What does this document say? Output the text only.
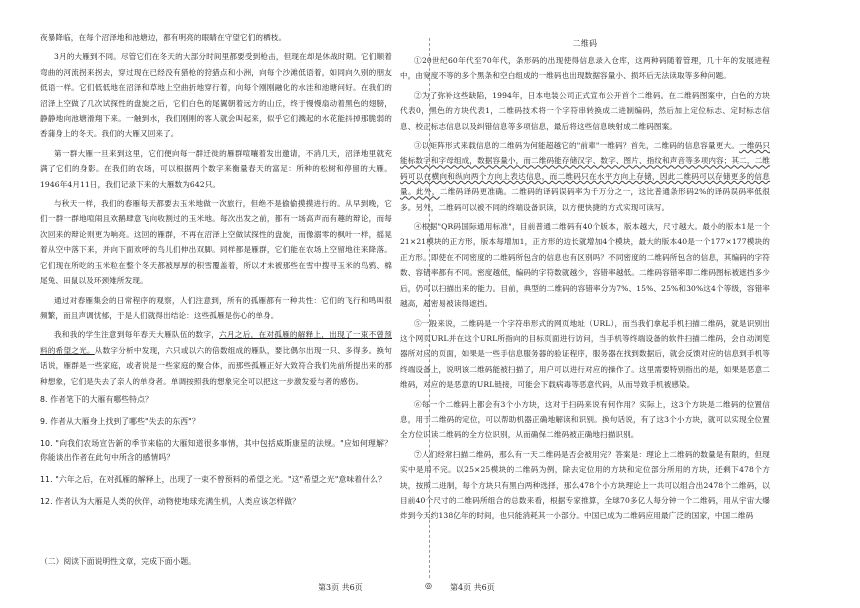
夜暴降临，在每个沼泽地和池塘边，都有明亮的眼睛在守望它们的栖枝。

3月的大雁到不同。尽管它们在冬天的大部分时间里都要受到枪击，但现在却是休战时期。它们顺着弯曲的河流拐来拐去，穿过现在已经没有猎枪的狩猎点和小洲，向每个沙滩低语着，如同向久别的朋友低语一样。它们低低地在沼泽和草地上空曲折地穿行着，向每个刚刚融化的水洼和池塘问好。在我们的沼泽上空做了几次试探性的盘旋之后，它们白色的尾翼朝着远方的山丘，终于慢慢扇动着黑色的翅膀，静静地向池塘滑翔下来。一触到水，我们刚刚的客人就会叫起来，似乎它们溅起的水花能抖掉那脆弱的香蒲身上的冬天。我们的大雁又回来了。

第一群大雁一旦来到这里，它们便向每一群迁徙的雁群喧嚷着发出邀请，不消几天，沼泽地里就充满了它们的身影。在我们的农场，可以根据两个数字来衡量春天的富足：所种的松树和停留的大雁。1946年4月11日，我们记录下来的大雁数为642只。

与秋天一样，我们的春雁每天都要去玉米地做一次旅行，但绝不是偷偷摸摸进行的。从早到晚，它们一群一群地喧闹且欢鹅肆意飞向收割过的玉米地。每次出发之前，都有一场高声而有趣的辩论，而每次回来的辩论则更为响亮。这回的雁群，不再在沼泽上空做试探性的盘旋，而像溺零的枫叶一样，摇晃着从空中落下来，并向下面欢呼的鸟儿们伸出双脚。同样都是雁群，它们能在农场上空留地往来降落。它们现在所吃的玉米粒在整个冬天都被厚厚的积雪覆盖着，所以才未被那些在雪中搜寻玉米的鸟鸦、棉尾兔、田鼠以及环颈雉所发现。

通过对春雁集会的日常程序的观察，人们注意到，所有的孤雁都有一种共性：它们的飞行和鸣叫很频繁，而且声调忧郁，于是人们就得出结论：这些孤雁是伤心的单身。

我和我的学生注意到每年春天大雁队伍的数字，六月之后，在对孤雁的解释上，出现了一束不曾预料的希望之光。从数字分析中发现，六只或以六的倍数组成的雁队，要比偶尔出现一只、多得多。换句话说，雁群是一些家庭，或者说是一些家庭的聚合体，而那些孤雁正好大致符合我们先前所提出来的那种想象，它们是失去了亲人的单身者。单调按照我的想象完全可以把这一步激发爱与者的感伤。

8. 作者笔下的大雁有哪些特点？

9. 作者从大雁身上找到了哪些"失去的东西"？

10. "向我们农场宣告新的季节来临的大雁知道很多事情，其中包括威斯康星的法规。"应如何理解？你能谈出作者在此句中所含的感情吗？

11. "六年之后，在对孤雁的解释上，出现了一束不曾预料的希望之光。"这"希望之光"意味着什么？

12. 作者认为大雁是人类的伙伴，动物使地球充满生机，人类应该怎样做？

（二）阅读下面说明性文章，完成下面小题。
二维码

①20世纪60年代至70年代，条形码的出现使得信息录入仓库，这两种码随着管理，几十年的发展进程中，由宽度不等的多个黑条和空白组成的一维码也出现数据容量小、损坏后无法读取等多种问题。

②为了弥补这些缺陷，1994年，日本电装公司正式宣布公开首个二维码。在二维码图案中，白色的方块代表0，黑色的方块代表1，二维码技术将一个字符串转换成二进制编码，然后加上定位标志、定时标志信息、校正标志信息以及纠错信息等多项信息，最后将这些信息映射成二维码图案。

③以矩阵形式来载信息的二维码为何能超越它的"前辈"一维码？首先，二维码的信息容量更大。一维码只能标数字和字母组成，数据容量小，而二维码能存储汉字、数字、图片、指纹和声音等多项内容；其二，二维码可以在横向和纵向两个方向上表达信息，而二维码只在水平方向上存储，因此二维码可以存储更多的信息量。此外，二维码译码更准确。二维码的译码误码率为千万分之一，这比普通条形码2%的译码误码率低很多。另外，二维码可以被不同的终端设备识读，以方便快捷的方式实现可读写。

④根据"QR码国际通用标准"，目前普通二维码有40个版本，版本越大，尺寸越大。最小的版本1是一个21×21模块的正方形，版本每增加1，正方形的边长就增加4个模块，最大的版本40是一个177×177模块的正方形。即使在不同密度的二维码所包含的信息也有区别吗？不同密度的二维码所包含的信息，其编码的字符数、容错率都有不同。密度越低，编码的字符数就越少，容错率越低。二维码容错率即二维码图标被遮挡多少后，仍可以扫描出来的能力。目前，典型的二维码的容错率分为7%、15%、25%和30%这4个等级，容错率越高，超密易被读得遮挡。

⑤一般来说，二维码是一个字符串形式的网页地址（URL），而当我们拿起手机扫描二维码，就是识别出这个网页URL并在这个URL所指向的目标页面进行访问，当手机等终端设备的软件扫描二维码，会自动浏览器所对应的页面，如果是一些手信息服务器的验证程序，服务器在找到数据后，就会反馈对应的信息到手机等终端设备上，说明该二维码能被扫描了，用户可以进行对应的操作了。这里需要特别指出的是，如果是恶意二维码，对应的是恶意的URL链接，可能会下载病毒等恶意代码，从而导致手机被感染。

⑥每一个二维码上都会有3个小方块，这对于扫码来说有何作用？实际上，这3个方块是二维码的位置信息，用于二维码的定位，可以帮助机器正确地解读和识别。换句话说，有了这3个小方块，就可以实现全位置全方位识读二维码的全方位识别，从而确保二维码被正确地扫描识别。

⑦人们经常扫描二维码，那么有一天二维码是否会被用完？答案是：理论上二维码的数量是有限的，但现实中是用不完。以25×25模块的二维码为例，除去定位用的方块和定位部分所用的方块，还剩下478个方块，按照二进制，每个方块只有黑白两种选择，那么478个小方块理论上一共可以组合出2478个二维码，以目前40个尺寸的二维码所组合的总数来看，根据专家推算，全球70多亿人每分钟一个二维码，用从宇宙大爆炸到今天约138亿年的时间，也只能消耗其一小部分。中国已成为二维码应用最广泛的国家，中国二维码

第3页 共6页	◎ 第4页 共6页
